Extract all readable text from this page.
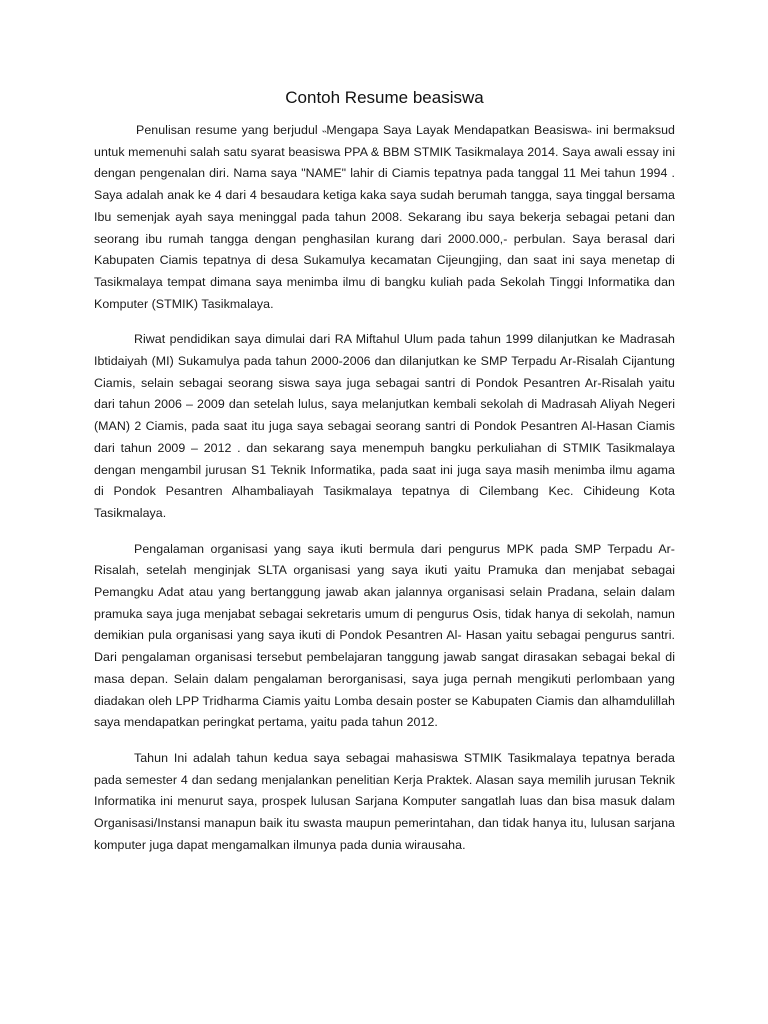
Contoh Resume beasiswa

Penulisan resume yang berjudul ˵Mengapa Saya Layak Mendapatkan Beasiswa˵ ini bermaksud untuk memenuhi salah satu syarat beasiswa PPA & BBM STMIK Tasikmalaya 2014. Saya awali essay ini dengan pengenalan diri. Nama saya "NAME" lahir di Ciamis tepatnya pada tanggal 11 Mei tahun 1994 . Saya adalah anak ke 4 dari 4 besaudara ketiga kaka saya sudah berumah tangga, saya tinggal bersama Ibu semenjak ayah saya meninggal pada tahun 2008. Sekarang ibu saya bekerja sebagai petani dan seorang ibu rumah tangga dengan penghasilan kurang dari 2000.000,- perbulan. Saya berasal dari Kabupaten Ciamis tepatnya di desa Sukamulya kecamatan Cijeungjing, dan saat ini saya menetap di Tasikmalaya tempat dimana saya menimba ilmu di bangku kuliah pada Sekolah Tinggi Informatika dan Komputer (STMIK) Tasikmalaya.

Riwat pendidikan saya dimulai dari RA Miftahul Ulum pada tahun 1999 dilanjutkan ke Madrasah Ibtidaiyah (MI) Sukamulya pada tahun 2000-2006 dan dilanjutkan ke SMP Terpadu Ar-Risalah Cijantung Ciamis, selain sebagai seorang siswa saya juga sebagai santri di Pondok Pesantren Ar-Risalah yaitu dari tahun 2006 – 2009 dan setelah lulus, saya melanjutkan kembali sekolah di Madrasah Aliyah Negeri (MAN) 2 Ciamis, pada saat itu juga saya sebagai seorang santri di Pondok Pesantren Al-Hasan Ciamis dari tahun 2009 – 2012 . dan sekarang saya menempuh bangku perkuliahan di STMIK Tasikmalaya dengan mengambil jurusan S1 Teknik Informatika, pada saat ini juga saya masih menimba ilmu agama di Pondok Pesantren Alhambaliayah Tasikmalaya tepatnya di Cilembang Kec. Cihideung Kota Tasikmalaya.

Pengalaman organisasi yang saya ikuti bermula dari pengurus MPK pada SMP Terpadu Ar-Risalah, setelah menginjak SLTA organisasi yang saya ikuti yaitu Pramuka dan menjabat sebagai Pemangku Adat atau yang bertanggung jawab akan jalannya organisasi selain Pradana, selain dalam pramuka saya juga menjabat sebagai sekretaris umum di pengurus Osis, tidak hanya di sekolah, namun demikian pula organisasi yang saya ikuti di Pondok Pesantren Al- Hasan yaitu sebagai pengurus santri. Dari pengalaman organisasi tersebut pembelajaran tanggung jawab sangat dirasakan sebagai bekal di masa depan. Selain dalam pengalaman berorganisasi, saya juga pernah mengikuti perlombaan yang diadakan oleh LPP Tridharma Ciamis yaitu Lomba desain poster se Kabupaten Ciamis dan alhamdulillah saya mendapatkan peringkat pertama, yaitu pada tahun 2012.

Tahun Ini adalah tahun kedua saya sebagai mahasiswa STMIK Tasikmalaya tepatnya berada pada semester 4 dan sedang menjalankan penelitian Kerja Praktek. Alasan saya memilih jurusan Teknik Informatika ini menurut saya, prospek lulusan Sarjana Komputer sangatlah luas dan bisa masuk dalam Organisasi/Instansi manapun baik itu swasta maupun pemerintahan, dan tidak hanya itu, lulusan sarjana komputer juga dapat mengamalkan ilmunya pada dunia wirausaha.
